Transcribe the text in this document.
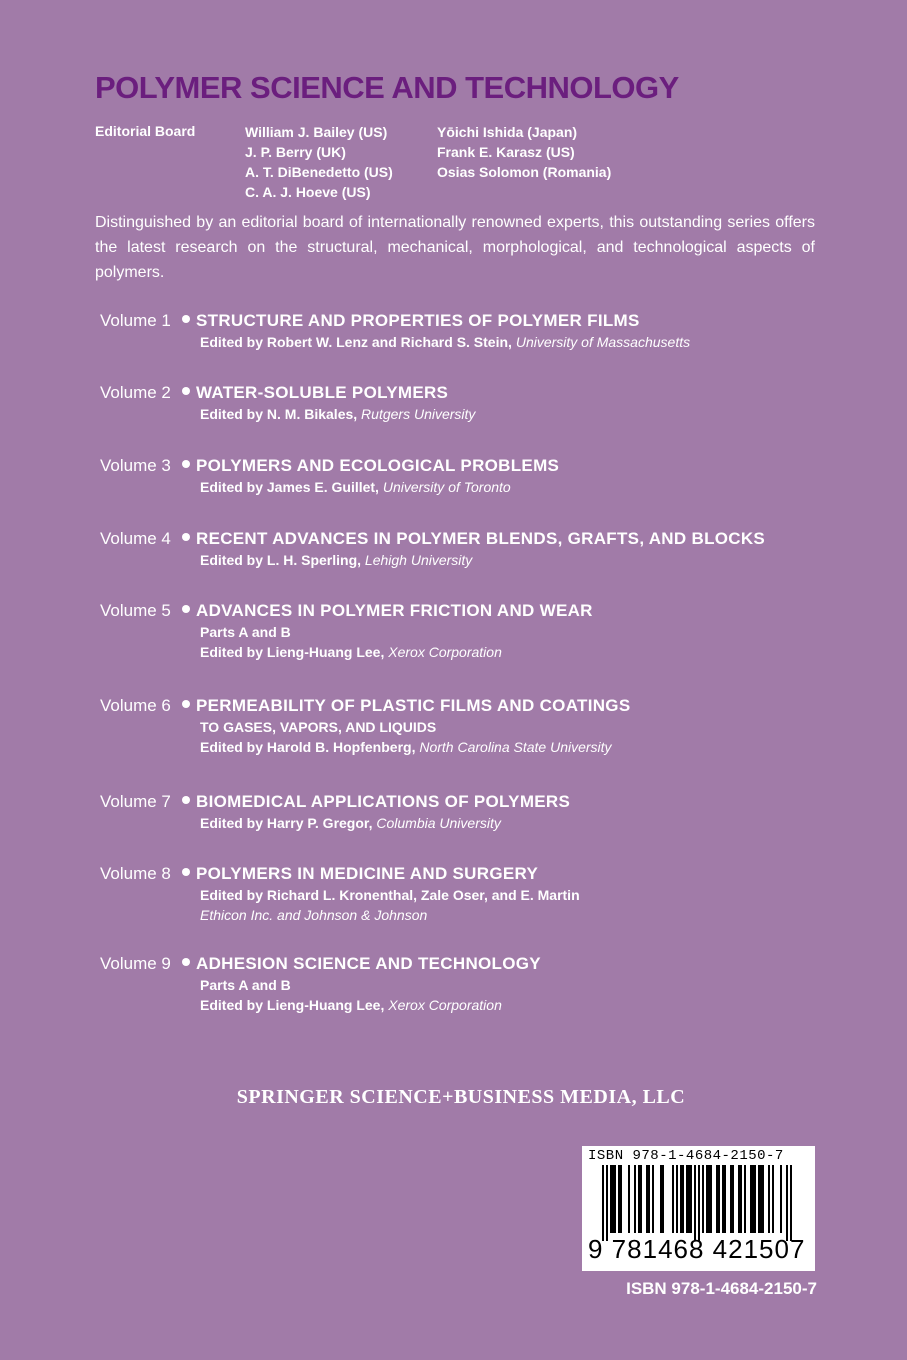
POLYMER SCIENCE AND TECHNOLOGY
Editorial Board	William J. Bailey (US)
J. P. Berry (UK)
A. T. DiBenedetto (US)
C. A. J. Hoeve (US)
Yōichi Ishida (Japan)
Frank E. Karasz (US)
Osias Solomon (Romania)

Distinguished by an editorial board of internationally renowned experts, this outstanding series offers the latest research on the structural, mechanical, morphological, and technological aspects of polymers.

Volume 1 STRUCTURE AND PROPERTIES OF POLYMER FILMS
Edited by Robert W. Lenz and Richard S. Stein, University of Massachusetts
Volume 2 WATER-SOLUBLE POLYMERS
Edited by N. M. Bikales, Rutgers University
Volume 3 POLYMERS AND ECOLOGICAL PROBLEMS
Edited by James E. Guillet, University of Toronto
Volume 4 RECENT ADVANCES IN POLYMER BLENDS, GRAFTS, AND BLOCKS
Edited by L. H. Sperling, Lehigh University
Volume 5 ADVANCES IN POLYMER FRICTION AND WEAR
Parts A and B
Edited by Lieng-Huang Lee, Xerox Corporation
Volume 6 PERMEABILITY OF PLASTIC FILMS AND COATINGS
TO GASES, VAPORS, AND LIQUIDS
Edited by Harold B. Hopfenberg, North Carolina State University
Volume 7 BIOMEDICAL APPLICATIONS OF POLYMERS
Edited by Harry P. Gregor, Columbia University
Volume 8 POLYMERS IN MEDICINE AND SURGERY
Edited by Richard L. Kronenthal, Zale Oser, and E. Martin
Ethicon Inc. and Johnson & Johnson
Volume 9 ADHESION SCIENCE AND TECHNOLOGY
Parts A and B
Edited by Lieng-Huang Lee, Xerox Corporation
SPRINGER SCIENCE+BUSINESS MEDIA, LLC
ISBN 978-1-4684-2150-7
9 781468 421507
ISBN 978-1-4684-2150-7
